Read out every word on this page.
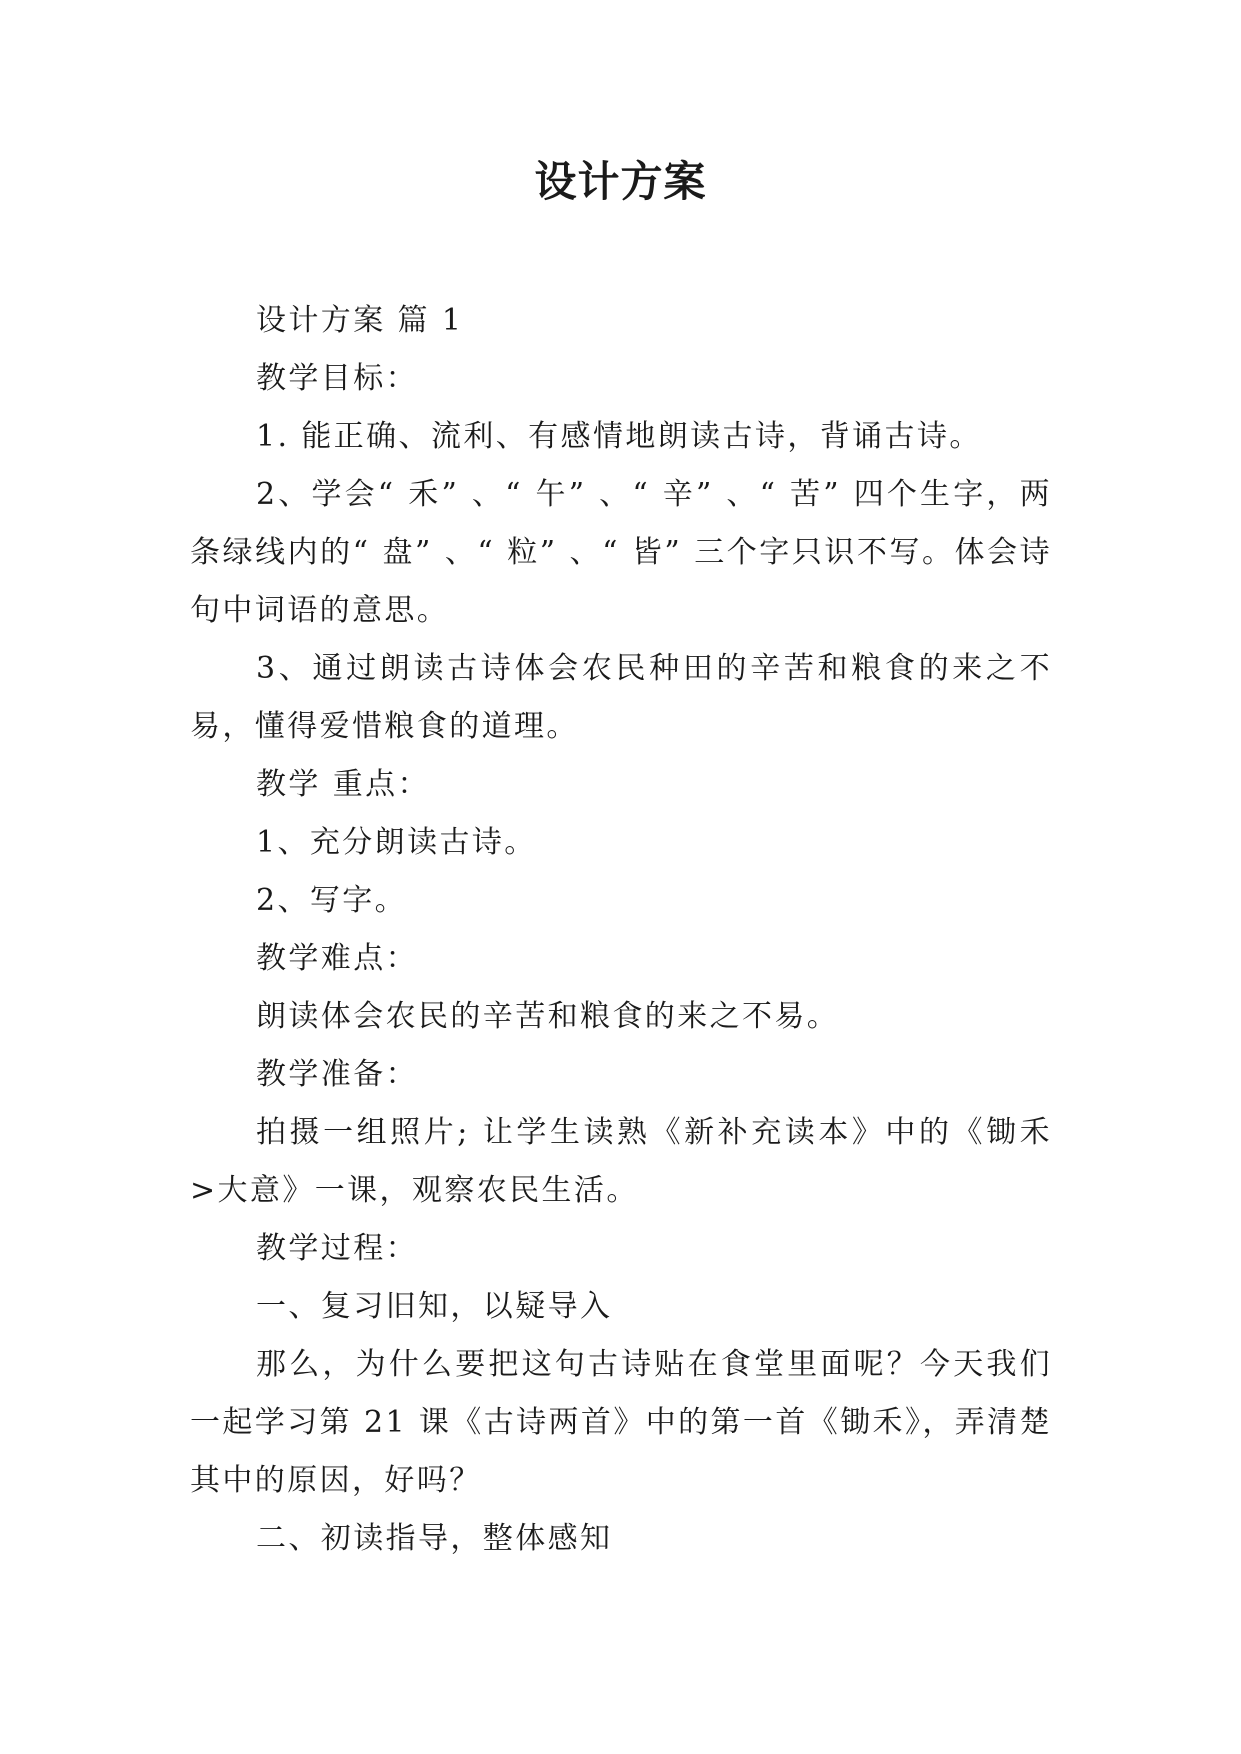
设计方案

设计方案 篇 1

教学目标：

1. 能正确、流利、有感情地朗读古诗，背诵古诗。

2、学会“ 禾” 、“ 午” 、“ 辛” 、“ 苦” 四个生字，两条绿线内的“ 盘” 、“ 粒” 、“ 皆” 三个字只识不写。体会诗句中词语的意思。

3、通过朗读古诗体会农民种田的辛苦和粮食的来之不易，懂得爱惜粮食的道理。

教学 重点：

1、充分朗读古诗。

2、写字。

教学难点：

朗读体会农民的辛苦和粮食的来之不易。

教学准备：

拍摄一组照片; 让学生读熟《新补充读本》中的《锄禾>大意》一课，观察农民生活。

教学过程：

一、复习旧知，以疑导入

那么，为什么要把这句古诗贴在食堂里面呢？今天我们一起学习第 21 课《古诗两首》中的第一首《锄禾》，弄清楚其中的原因，好吗？

二、初读指导，整体感知
